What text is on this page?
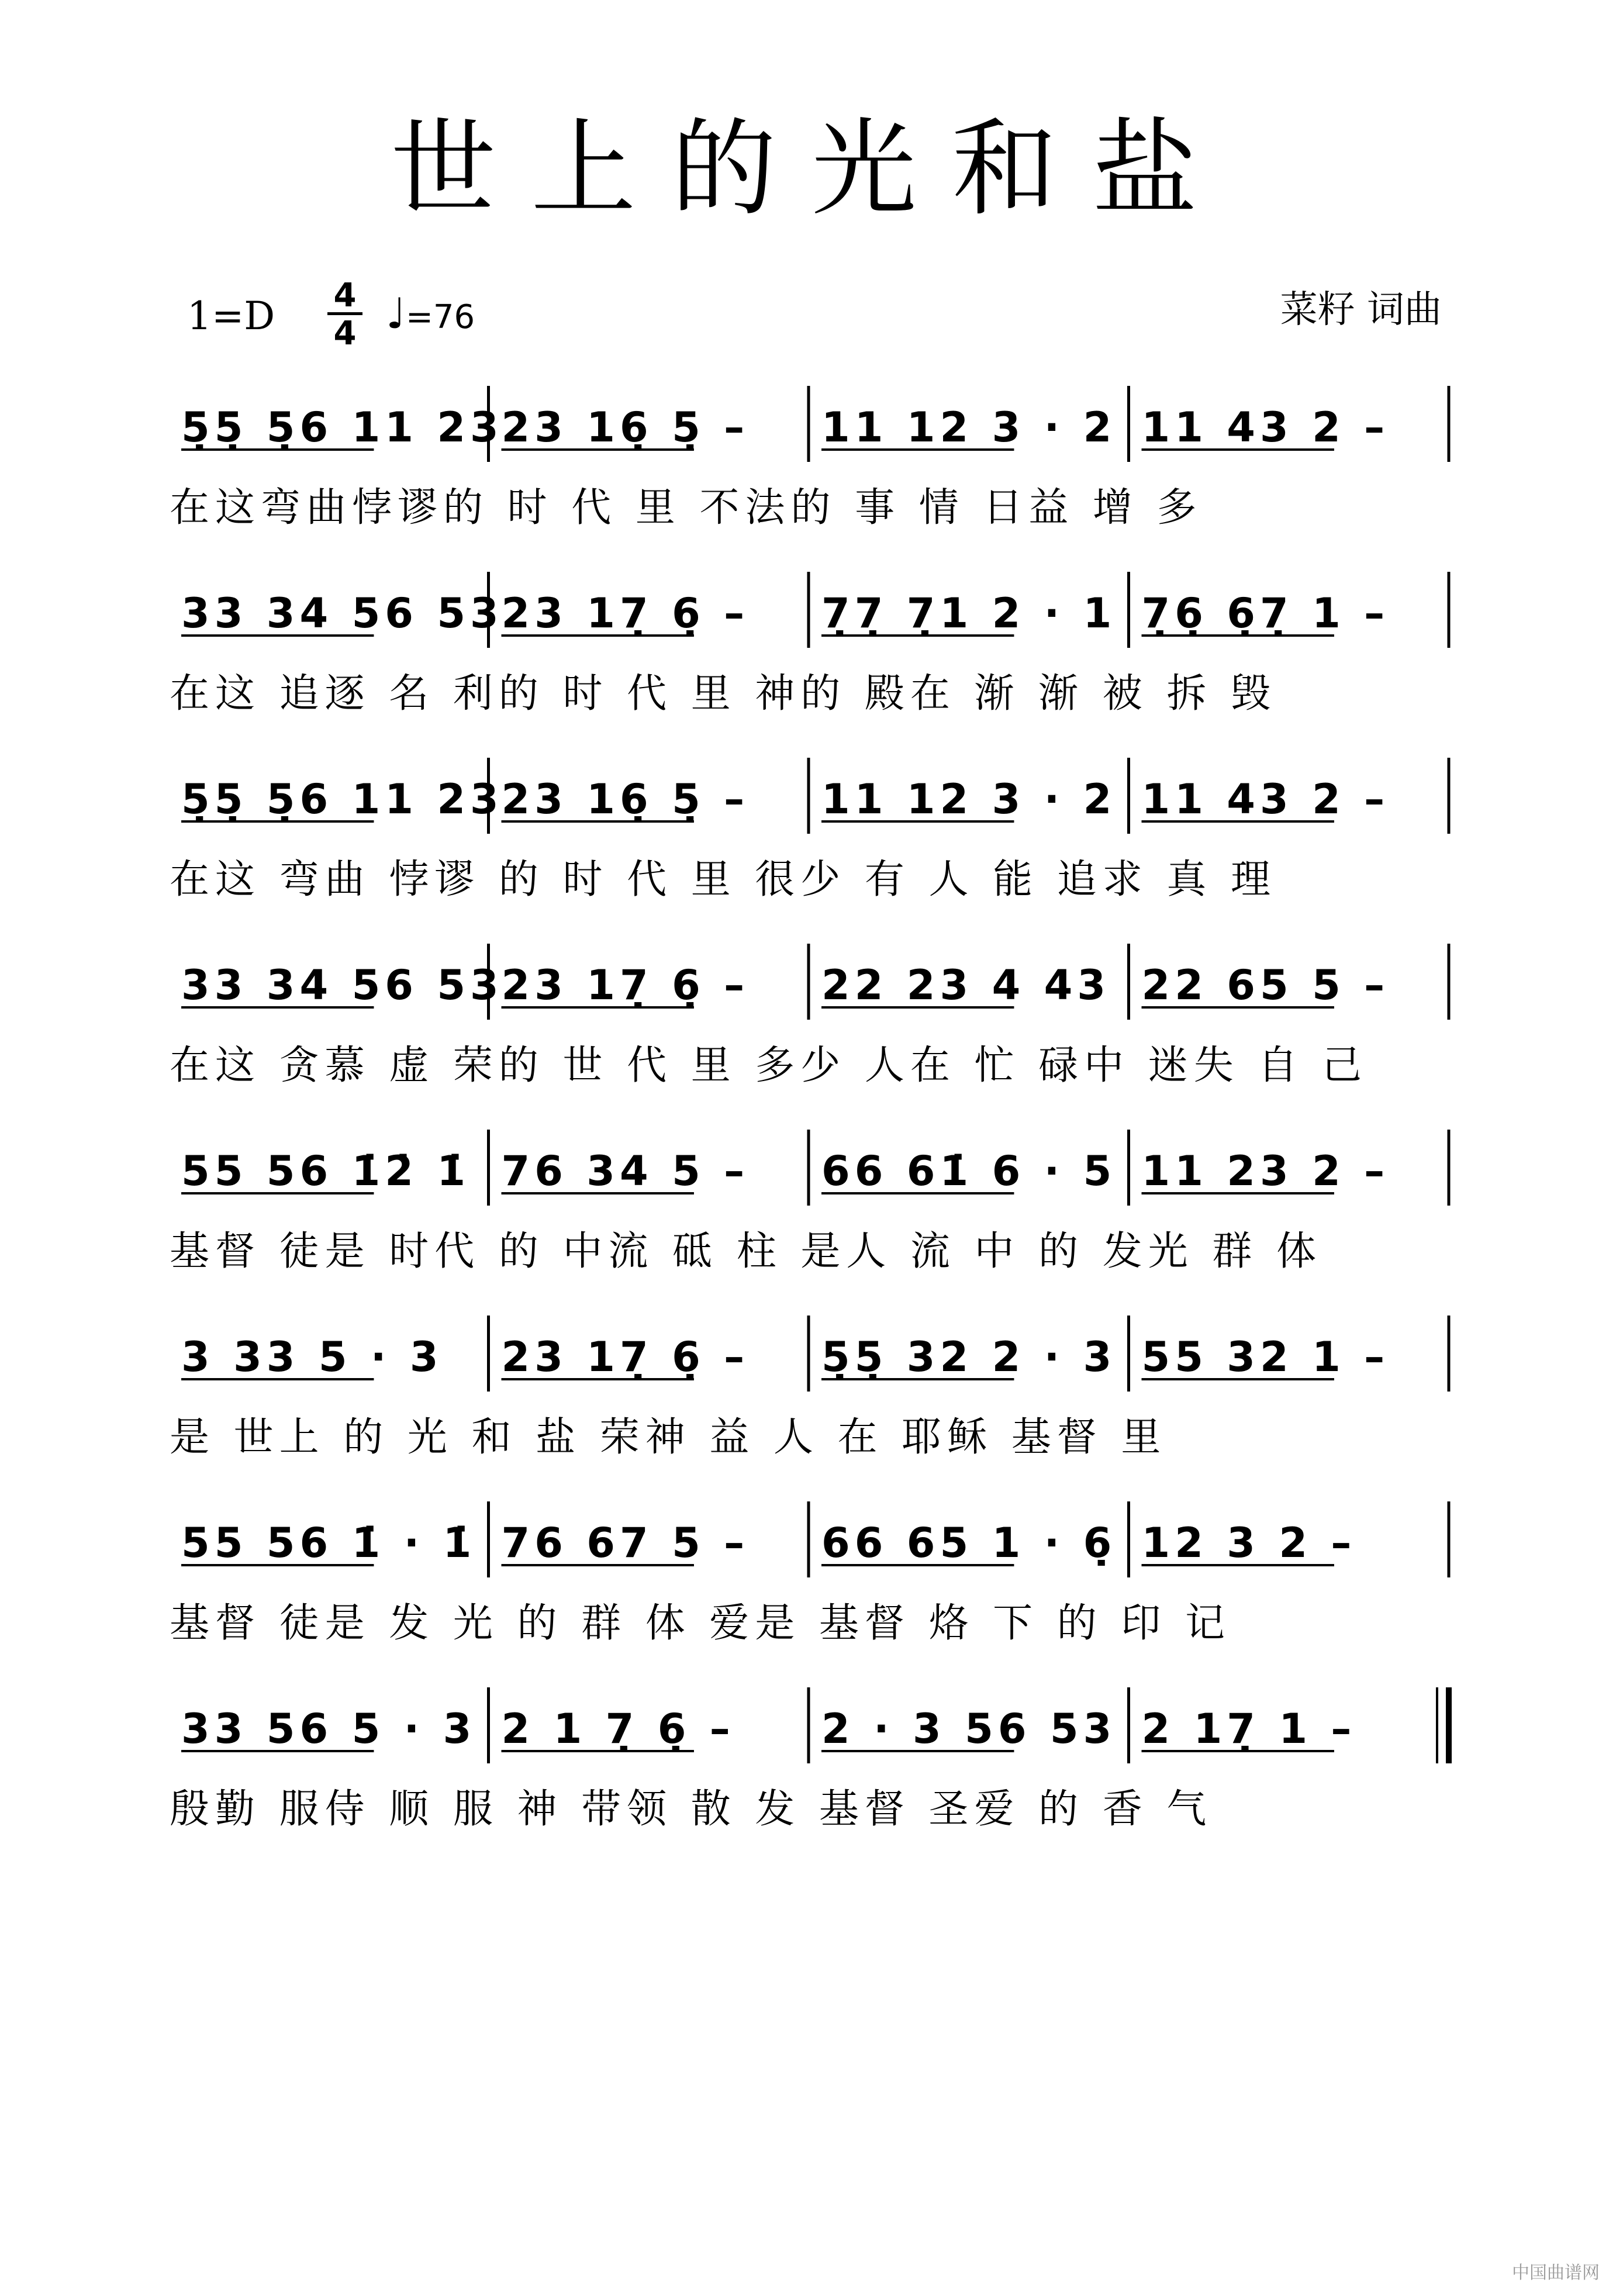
世上的光和盐
$1=D \frac{4}{4}$ ♩=76	菜籽 词曲
5̣5̣ 5̣6 11 23
23 16̣ 5̣ – 11 12 3 · 2 11 43 2 –
33 34 56 53
23 17̣ 6̣ – 7̣7̣ 7̣1 2 · 1 7̣6̣ 6̣7̣ 1 –
5̣5̣ 5̣6 11 23
23 16̣ 5̣ – 11 12 3 · 2 11 43 2 –
33 34 56 53
23 17̣ 6̣ – 22 23 4 43 22 65 5 –
55 56 1̇2̇ 1̇ 76 34 5 – 66 61̇ 6 · 5 11 23 2 –
3 33 5 · 3 23 17̣ 6̣ – 5̣5̣ 32 2 · 3 55 32 1 –
55 56 1̇ · 1̇ 76 67 5 – 66 65 1 · 6̣ 12 3 2 –
33 56 5 · 3 2 1 7̣ 6̣ – 2 · 3 56 53 2 17̣ 1 –
在这弯曲悖谬的 时 代 里 不法的 事 情 日益 增 多
在这 追逐 名 利的 时 代 里 神的 殿在 渐 渐 被 拆 毁
在这 弯曲 悖谬 的 时 代 里 很少 有 人 能 追求 真 理
在这 贪慕 虚 荣的 世 代 里 多少 人在 忙 碌中 迷失 自 己
基督 徒是 时代 的 中流 砥 柱 是人 流 中 的 发光 群 体
是 世上 的 光 和 盐 荣神 益 人 在 耶稣 基督 里
基督 徒是 发 光 的 群 体 爱是 基督 烙 下 的 印 记
殷勤 服侍 顺 服 神 带领 散 发 基督 圣爱 的 香 气
中国曲谱网
